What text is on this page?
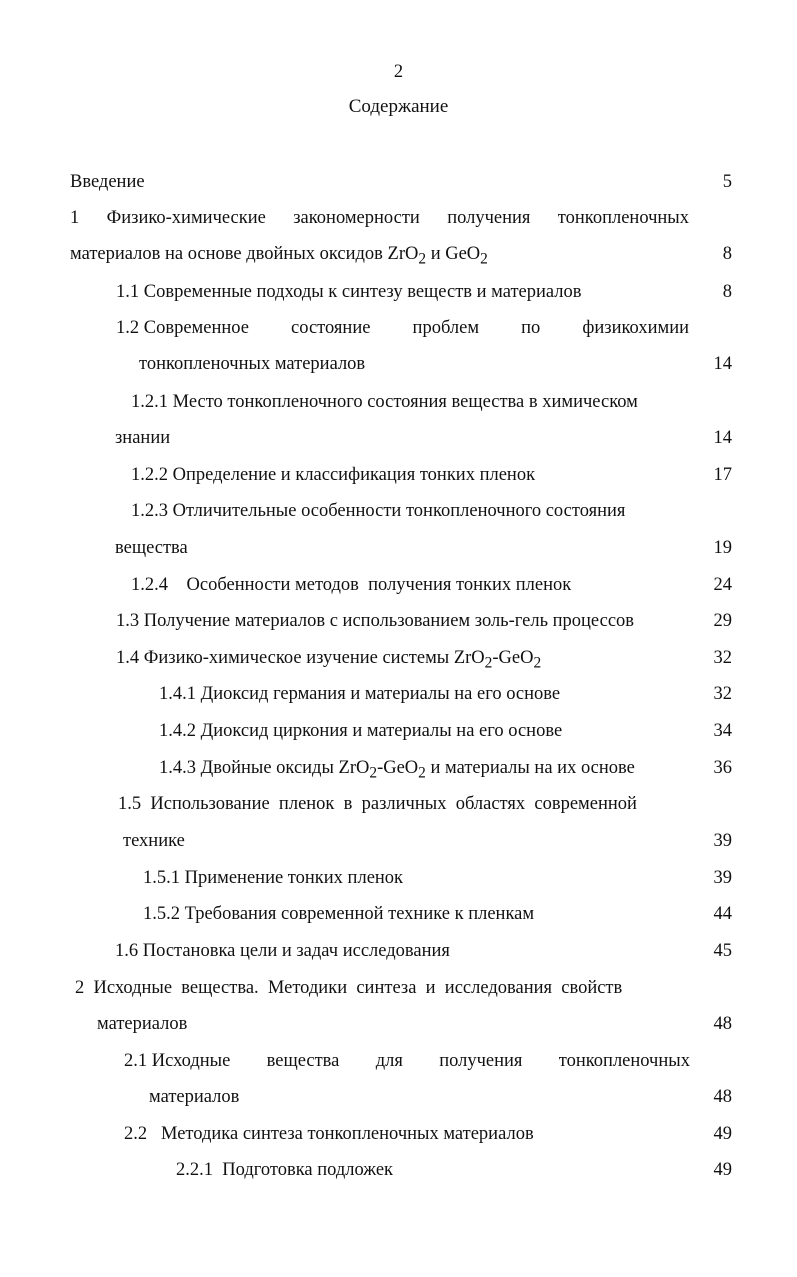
2
Содержание
Введение	5
1 Физико-химические закономерности получения тонкопленочных
материалов на основе двойных оксидов ZrO$_2$ и GeO$_2$	8
1.1 Современные подходы к синтезу веществ и материалов	8
1.2 Современное состояние проблем по физикохимии
тонкопленочных материалов	14
1.2.1 Место тонкопленочного состояния вещества в химическом
знании	14
1.2.2 Определение и классификация тонких пленок	17
1.2.3 Отличительные особенности тонкопленочного состояния
вещества	19
1.2.4    Особенности методов  получения тонких пленок	24
1.3 Получение материалов с использованием золь-гель процессов	29
1.4 Физико-химическое изучение системы ZrO$_2$-GeO$_2$	32
1.4.1 Диоксид германия и материалы на его основе	32
1.4.2 Диоксид циркония и материалы на его основе	34
1.4.3 Двойные оксиды ZrO$_2$-GeO$_2$ и материалы на их основе	36
1.5  Использование  пленок  в  различных  областях  современной
технике	39
1.5.1 Применение тонких пленок	39
1.5.2 Требования современной технике к пленкам	44
1.6 Постановка цели и задач исследования	45
2  Исходные  вещества.  Методики  синтеза  и  исследования  свойств
материалов	48
2.1 Исходные вещества для получения тонкопленочных
материалов	48
2.2   Методика синтеза тонкопленочных материалов	49
2.2.1  Подготовка подложек	49
